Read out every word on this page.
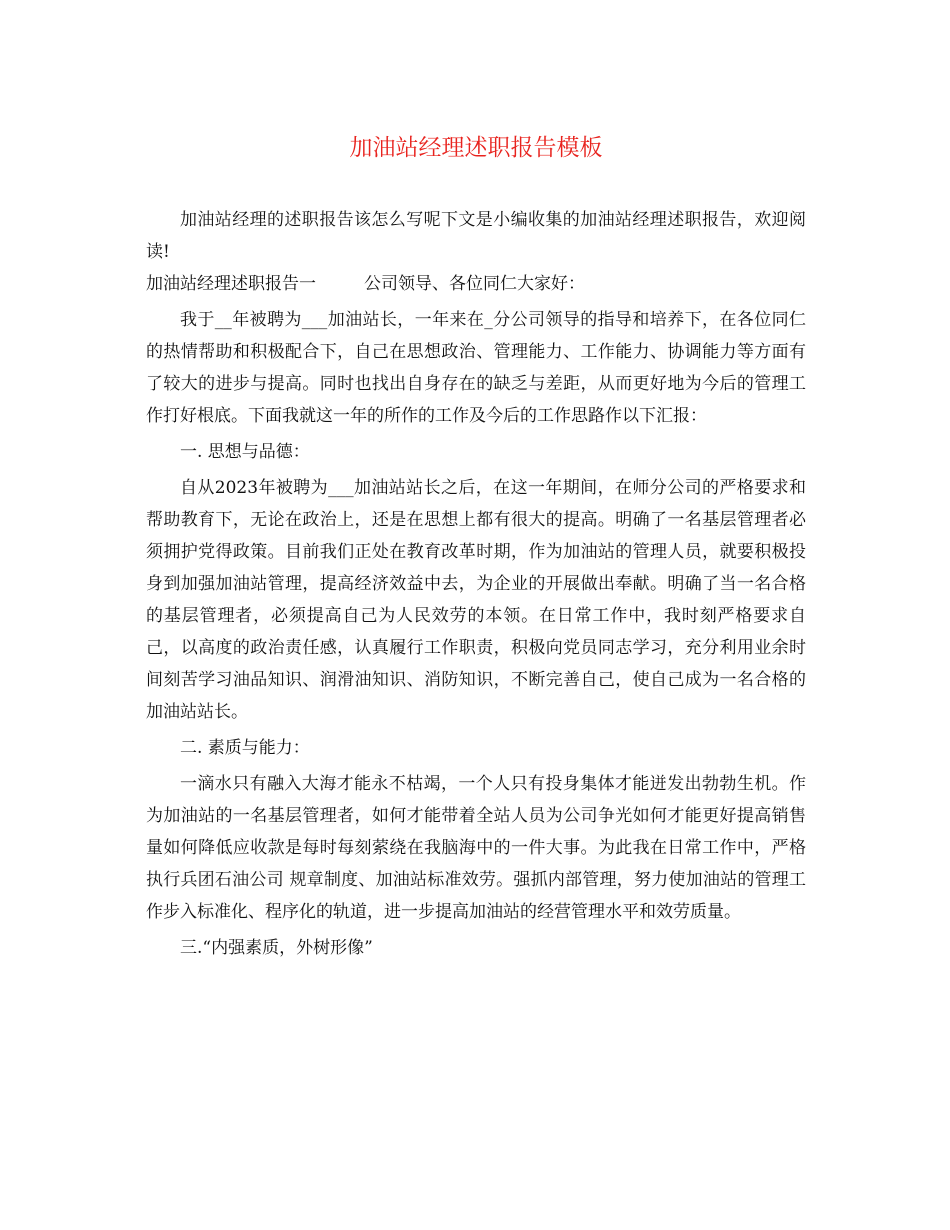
加油站经理述职报告模板

加油站经理的述职报告该怎么写呢下文是小编收集的加油站经理述职报告，欢迎阅读!

加油站经理述职报告一	公司领导、各位同仁大家好：

我于__年被聘为___加油站长，一年来在_分公司领导的指导和培养下，在各位同仁的热情帮助和积极配合下，自己在思想政治、管理能力、工作能力、协调能力等方面有了较大的进步与提高。同时也找出自身存在的缺乏与差距，从而更好地为今后的管理工作打好根底。下面我就这一年的所作的工作及今后的工作思路作以下汇报：

一. 思想与品德：

自从2023年被聘为___加油站站长之后，在这一年期间，在师分公司的严格要求和帮助教育下，无论在政治上，还是在思想上都有很大的提高。明确了一名基层管理者必须拥护党得政策。目前我们正处在教育改革时期，作为加油站的管理人员，就要积极投身到加强加油站管理，提高经济效益中去，为企业的开展做出奉献。明确了当一名合格的基层管理者，必须提高自己为人民效劳的本领。在日常工作中，我时刻严格要求自己，以高度的政治责任感，认真履行工作职责，积极向党员同志学习，充分利用业余时间刻苦学习油品知识、润滑油知识、消防知识，不断完善自己，使自己成为一名合格的加油站站长。

二. 素质与能力：

一滴水只有融入大海才能永不枯竭，一个人只有投身集体才能迸发出勃勃生机。作为加油站的一名基层管理者，如何才能带着全站人员为公司争光如何才能更好提高销售量如何降低应收款是每时每刻萦绕在我脑海中的一件大事。为此我在日常工作中，严格执行兵团石油公司 规章制度、加油站标准效劳。强抓内部管理，努力使加油站的管理工作步入标准化、程序化的轨道，进一步提高加油站的经营管理水平和效劳质量。

三.“内强素质，外树形像”
